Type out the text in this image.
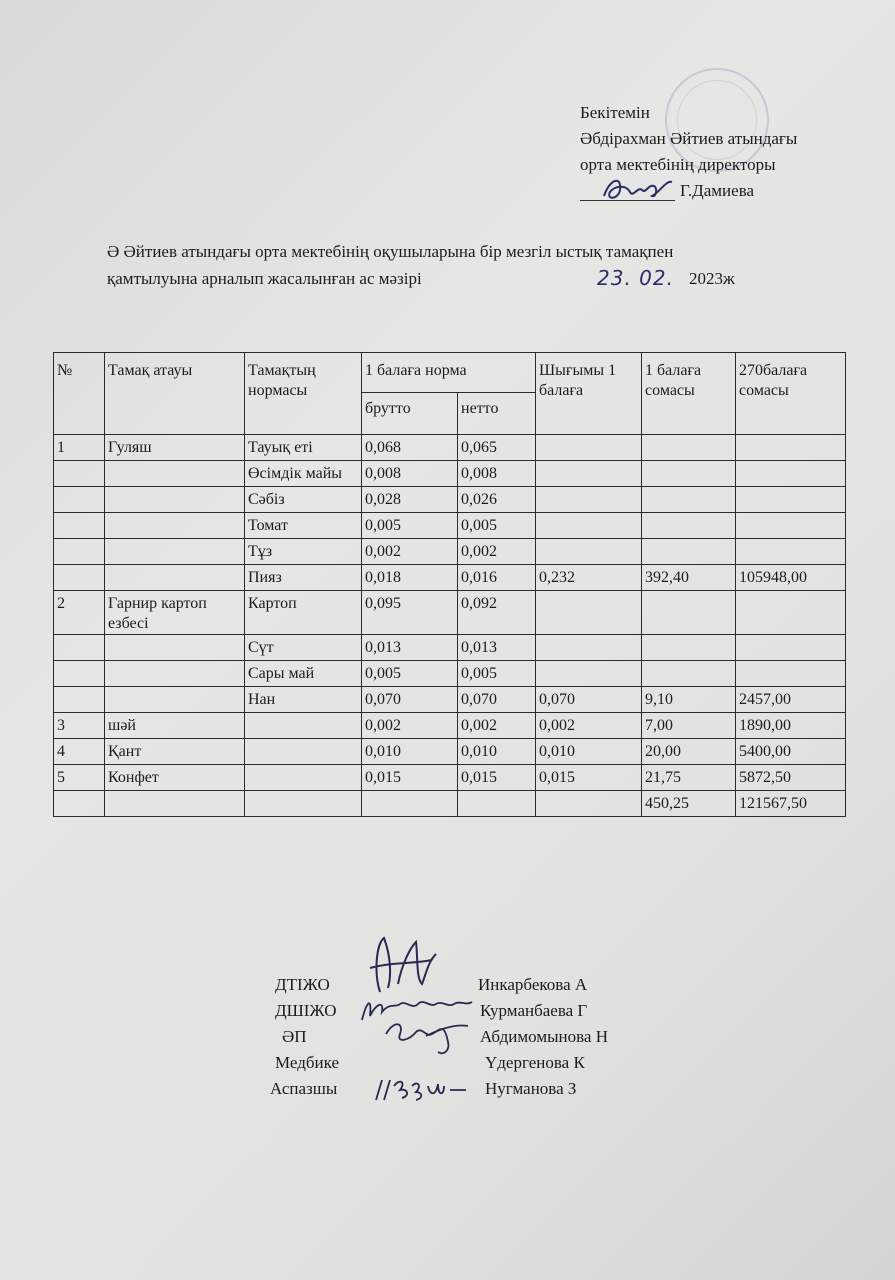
Бекітемін
Әбдірахман Әйтиев атындағы
орта мектебінің директоры
Г.Дамиева
Ә Әйтиев атындағы орта мектебінің оқушыларына бір мезгіл ыстық тамақпен
қамтылуына арналып жасалынған ас мәзірі	23. 02. 2023ж
№	Тамақ атауы	Тамақтың нормасы	1 балаға норма		Шығымы 1 балаға	1 балаға сомасы	270балаға сомасы
			брутто	нетто			
1	Гуляш	Тауық еті	0,068	0,065			
		Өсімдік майы	0,008	0,008			
		Сәбіз	0,028	0,026			
		Томат	0,005	0,005			
		Тұз	0,002	0,002			
		Пияз	0,018	0,016	0,232	392,40	105948,00
2	Гарнир картоп езбесі	Картоп	0,095	0,092			
		Сүт	0,013	0,013			
		Сары май	0,005	0,005			
		Нан	0,070	0,070	0,070	9,10	2457,00
3	шәй		0,002	0,002	0,002	7,00	1890,00
4	Қант		0,010	0,010	0,010	20,00	5400,00
5	Конфет		0,015	0,015	0,015	21,75	5872,50
						450,25	121567,50
ДТІЖО	Инкарбекова А
ДШІЖО	Курманбаева Г
ӘП	Абдимомынова Н
Медбике	Үдергенова К
Аспазшы	Нугманова З
